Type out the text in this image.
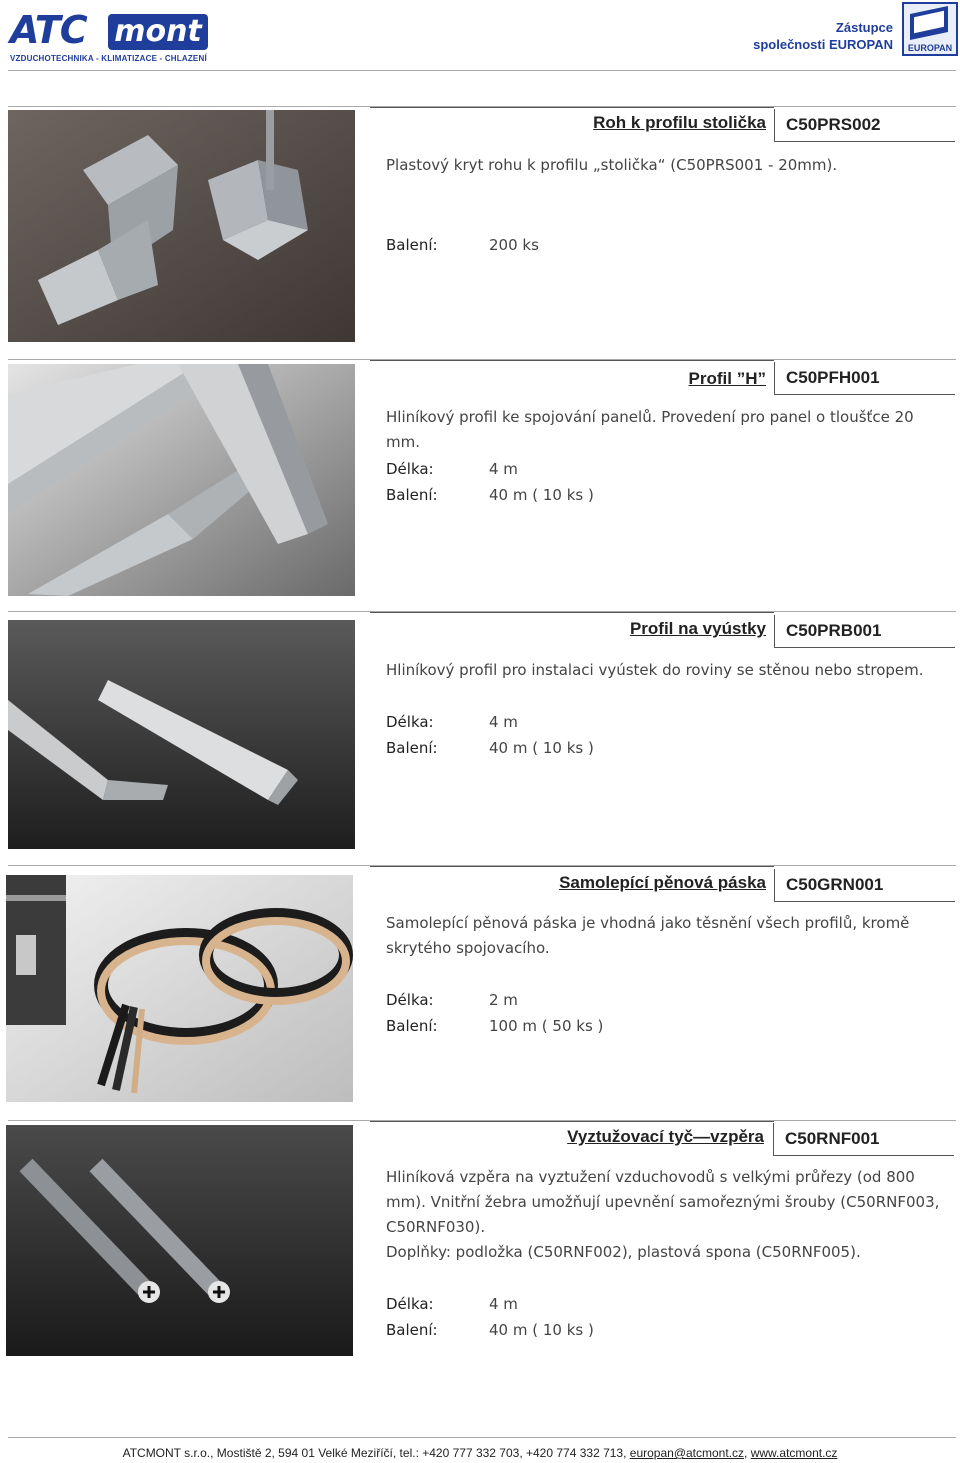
ATC mont
VZDUCHOTECHNIKA - KLIMATIZACE - CHLAZENÍ
Zástupce
společnosti EUROPAN	EUROPAN
Roh k profilu stolička C50PRS002
Plastový kryt rohu k profilu „stolička“ (C50PRS001 - 20mm).
Balení:	200 ks
Profil ”H” C50PFH001
Hliníkový profil ke spojování panelů. Provedení pro panel o tloušťce 20 mm.
Délka:	4 m
Balení:	40 m ( 10 ks )
Profil na vyústky C50PRB001
Hliníkový profil pro instalaci vyústek do roviny se stěnou nebo stropem.
Délka:	4 m
Balení:	40 m ( 10 ks )
Samolepící pěnová páska C50GRN001
Samolepící pěnová páska je vhodná jako těsnění všech profilů, kromě skrytého spojovacího.
Délka:	2 m
Balení:	100 m ( 50 ks )
Vyztužovací tyč—vzpěra C50RNF001
Hliníková vzpěra na vyztužení vzduchovodů s velkými průřezy (od 800 mm). Vnitřní žebra umožňují upevnění samořeznými šrouby (C50RNF003, C50RNF030).
Doplňky: podložka (C50RNF002), plastová spona (C50RNF005).
Délka:	4 m
Balení:	40 m ( 10 ks )
ATCMONT s.r.o., Mostiště 2, 594 01 Velké Meziříčí, tel.: +420 777 332 703, +420 774 332 713, europan@atcmont.cz, www.atcmont.cz
